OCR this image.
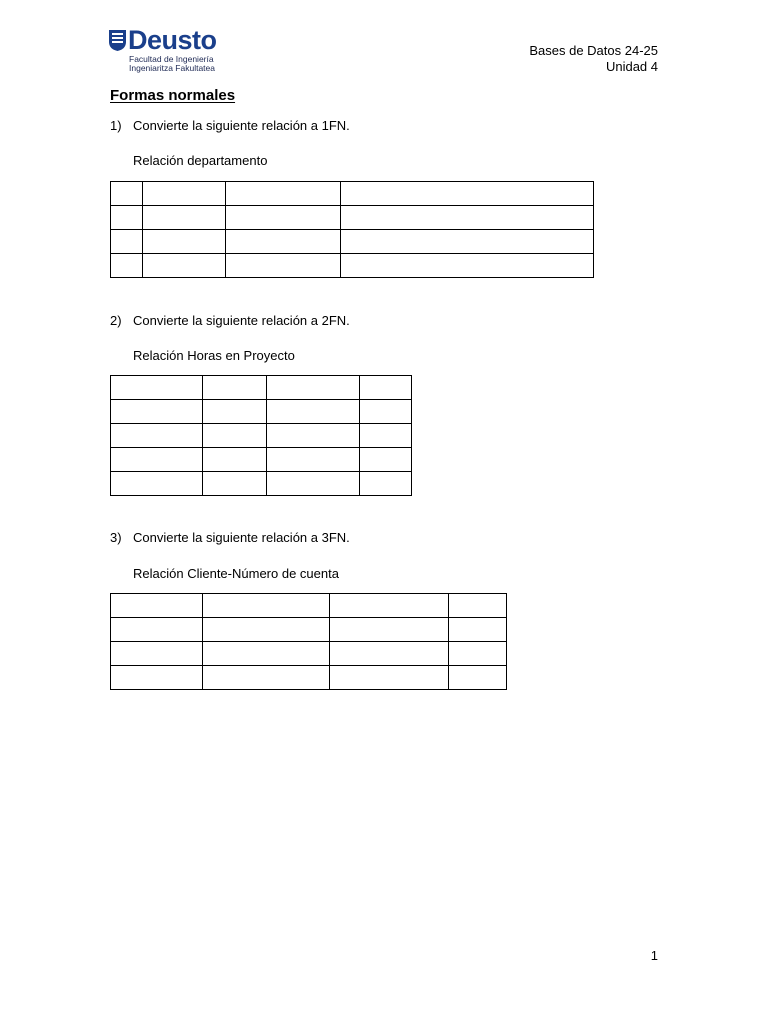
Deusto
Facultad de Ingeniería
Ingeniaritza Fakultatea
Bases de Datos 24-25
Unidad 4
Formas normales
1) Convierte la siguiente relación a 1FN.
Relación departamento

2) Convierte la siguiente relación a 2FN.
Relación Horas en Proyecto

3) Convierte la siguiente relación a 3FN.
Relación Cliente-Número de cuenta

1
